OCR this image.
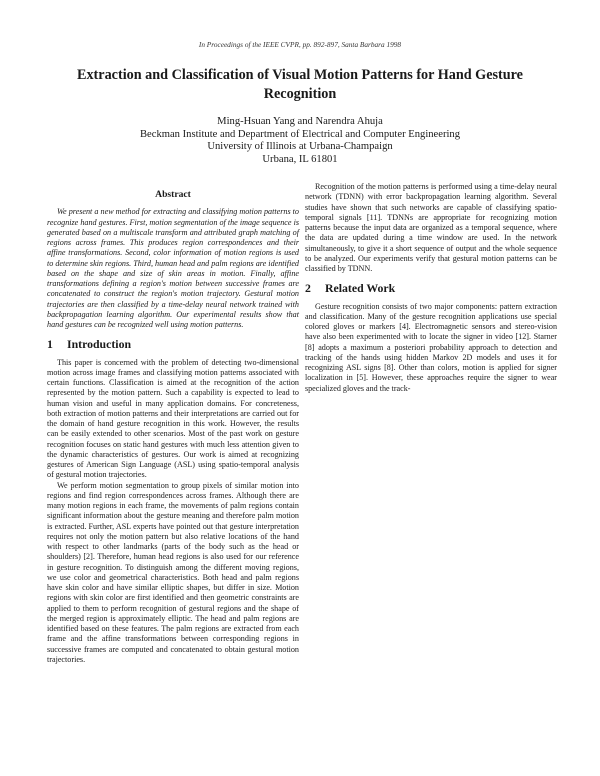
In Proceedings of the IEEE CVPR, pp. 892-897, Santa Barbara 1998
Extraction and Classification of Visual Motion Patterns for Hand Gesture Recognition
Ming-Hsuan Yang and Narendra Ahuja
Beckman Institute and Department of Electrical and Computer Engineering
University of Illinois at Urbana-Champaign
Urbana, IL 61801
Abstract

We present a new method for extracting and classifying motion patterns to recognize hand gestures. First, motion segmentation of the image sequence is generated based on a multiscale transform and attributed graph matching of regions across frames. This produces region correspondences and their affine transformations. Second, color information of motion regions is used to determine skin regions. Third, human head and palm regions are identified based on the shape and size of skin areas in motion. Finally, affine transformations defining a region's motion between successive frames are concatenated to construct the region's motion trajectory. Gestural motion trajectories are then classified by a time-delay neural network trained with backpropagation learning algorithm. Our experimental results show that hand gestures can be recognized well using motion patterns.

1 Introduction

This paper is concerned with the problem of detecting two-dimensional motion across image frames and classifying motion patterns associated with certain functions. Classification is aimed at the recognition of the action represented by the motion pattern. Such a capability is expected to lead to human vision and useful in many application domains. For concreteness, both extraction of motion patterns and their interpretations are carried out for the domain of hand gesture recognition in this work. However, the results can be easily extended to other scenarios. Most of the past work on gesture recognition focuses on static hand gestures with much less attention given to the dynamic characteristics of gestures. Our work is aimed at recognizing gestures of American Sign Language (ASL) using spatio-temporal analysis of gestural motion trajectories.

We perform motion segmentation to group pixels of similar motion into regions and find region correspondences across frames. Although there are many motion regions in each frame, the movements of palm regions contain significant information about the gesture meaning and therefore palm motion is extracted. Further, ASL experts have pointed out that gesture interpretation requires not only the motion pattern but also relative locations of the hand with respect to other landmarks (parts of the body such as the head or shoulders) [2]. Therefore, human head regions is also used for our reference in gesture recognition. To distinguish among the different moving regions, we use color and geometrical characteristics. Both head and palm regions have skin color and have similar elliptic shapes, but differ in size. Motion regions with skin color are first identified and then geometric constraints are applied to them to perform recognition of gestural regions and the shape of the merged region is approximately elliptic. The head and palm regions are identified based on these features. The palm regions are extracted from each frame and the affine transformations between corresponding regions in successive frames are computed and concatenated to obtain gestural motion trajectories.

Recognition of the motion patterns is performed using a time-delay neural network (TDNN) with error backpropagation learning algorithm. Several studies have shown that such networks are capable of classifying spatio-temporal signals [11]. TDNNs are appropriate for recognizing motion patterns because the input data are organized as a temporal sequence, where the data are updated during a time window are used. In the network simultaneously, to give it a short sequence of output and the whole sequence to be analyzed. Our experiments verify that gestural motion patterns can be classified by TDNN.

2 Related Work

Gesture recognition consists of two major components: pattern extraction and classification. Many of the gesture recognition applications use special colored gloves or markers [4]. Electromagnetic sensors and stereo-vision have also been experimented with to locate the signer in video [12]. Starner [8] adopts a maximum a posteriori probability approach to detection and tracking of the hands using hidden Markov 2D models and uses it for recognizing ASL signs [8]. Other than colors, motion is applied for signer localization in [5]. However, these approaches require the signer to wear specialized gloves and the track-
